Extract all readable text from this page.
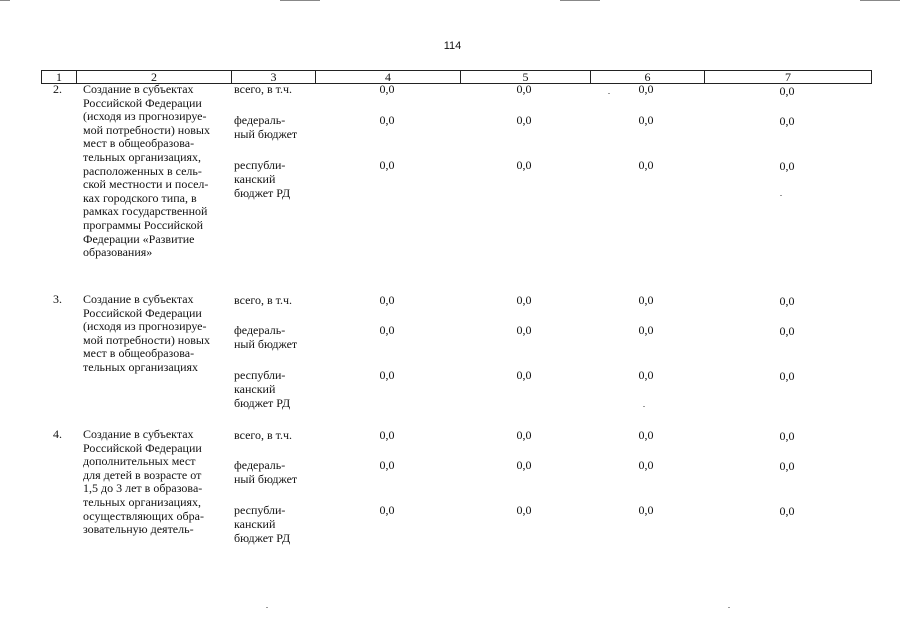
114
1	2	3	4	5	6	7
2.	Создание в субъектах
Российской Федерации
(исходя из прогнозируе-
мой потребности) новых
мест в общеобразова-
тельных организациях,
расположенных в сель-
ской местности и посел-
ках городского типа, в
рамках государственной
программы Российской
Федерации «Развитие
образования»
всего, в т.ч.	0,0	0,0	0,0	0,0
федераль-
ный бюджет
0,0	0,0	0,0	0,0
республи-
канский
бюджет РД
0,0	0,0	0,0	0,0
3.	Создание в субъектах
Российской Федерации
(исходя из прогнозируе-
мой потребности) новых
мест в общеобразова-
тельных организациях
всего, в т.ч.	0,0	0,0	0,0	0,0
федераль-
ный бюджет
0,0	0,0	0,0	0,0
республи-
канский
бюджет РД
0,0	0,0	0,0	0,0
4.	Создание в субъектах
Российской Федерации
дополнительных мест
для детей в возрасте от
1,5 до 3 лет в образова-
тельных организациях,
осуществляющих обра-
зовательную деятель-
всего, в т.ч.	0,0	0,0	0,0	0,0
федераль-
ный бюджет
0,0	0,0	0,0	0,0
республи-
канский
бюджет РД
0,0	0,0	0,0	0,0
